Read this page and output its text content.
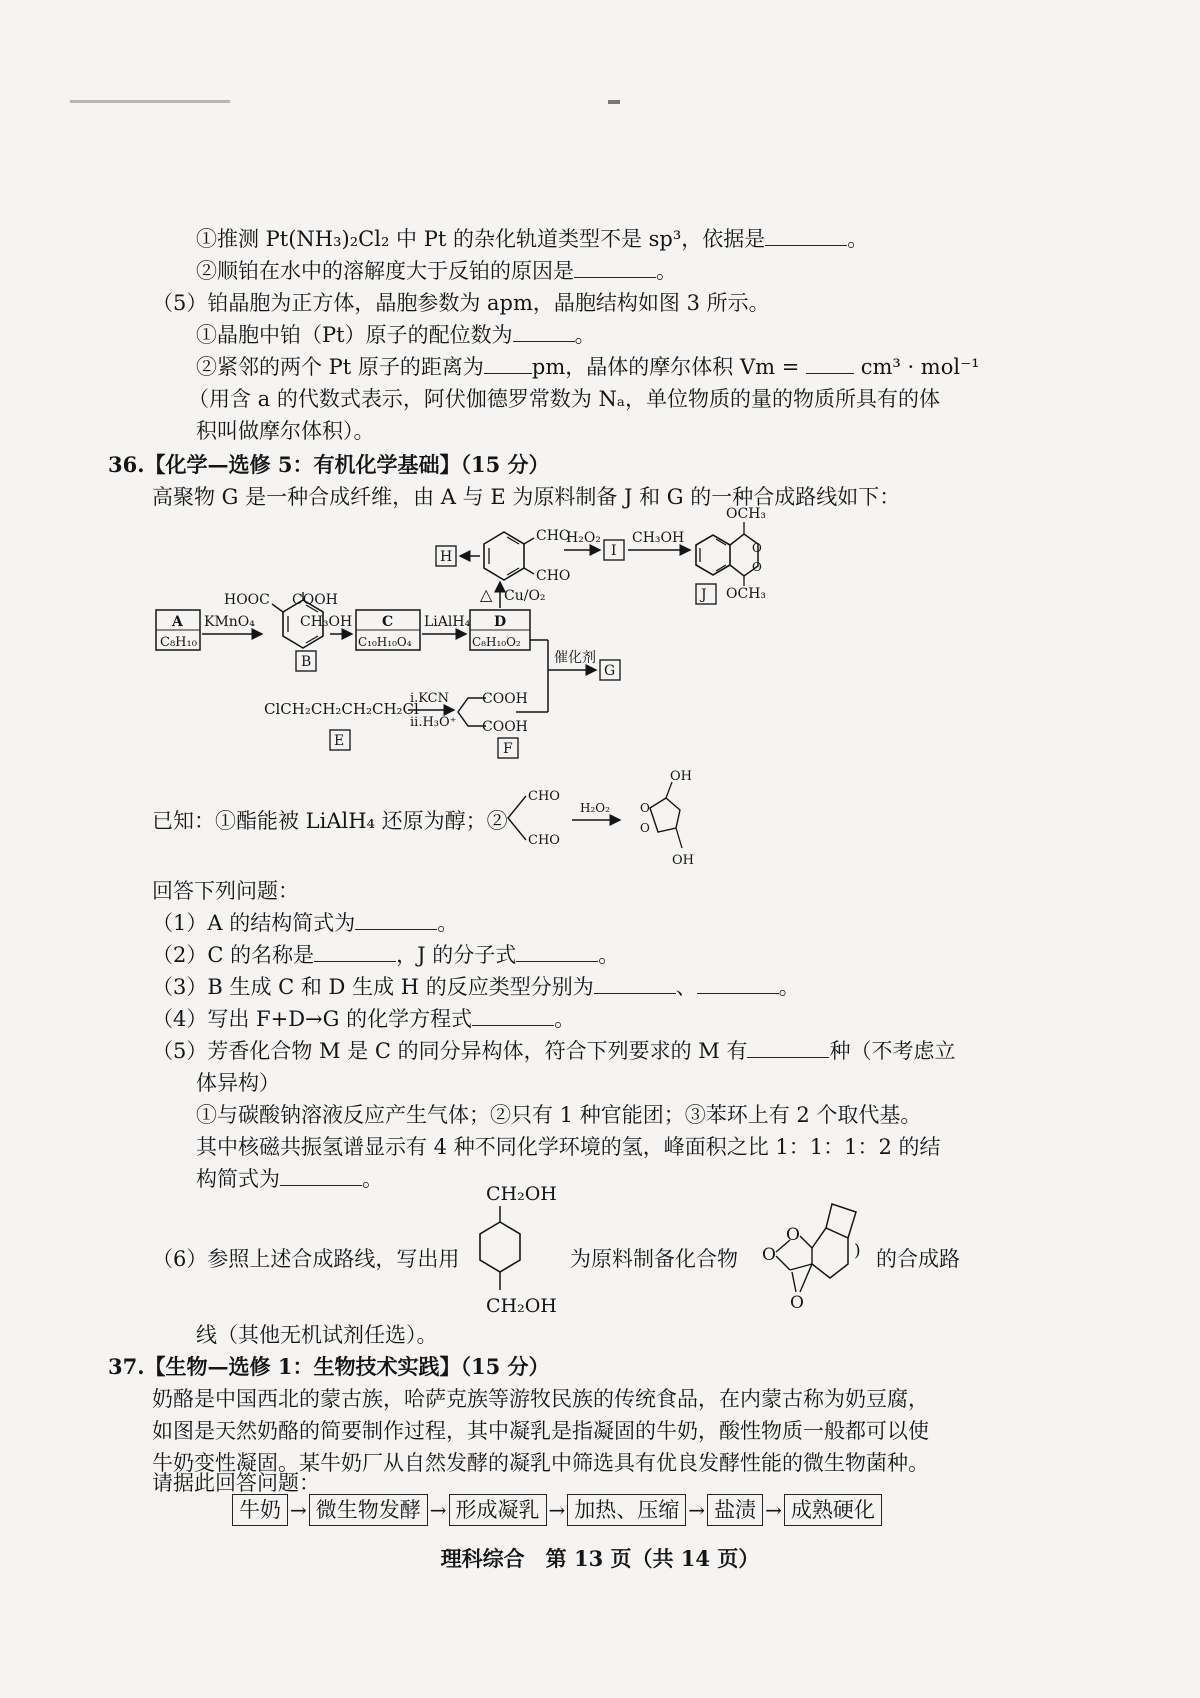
①推测 Pt(NH₃)₂Cl₂ 中 Pt 的杂化轨道类型不是 sp³，依据是	。
②顺铂在水中的溶解度大于反铂的原因是	。
（5）铂晶胞为正方体，晶胞参数为 apm，晶胞结构如图 3 所示。
①晶胞中铂（Pt）原子的配位数为	。
②紧邻的两个 Pt 原子的距离为 pm，晶体的摩尔体积 Vm =	cm³ · mol⁻¹
（用含 a 的代数式表示，阿伏伽德罗常数为 Nₐ，单位物质的量的物质所具有的体
积叫做摩尔体积）。
36.【化学—选修 5：有机化学基础】（15 分）
高聚物 G 是一种合成纤维，由 A 与 E 为原料制备 J 和 G 的一种合成路线如下：
A
C₈H₁₀
KMnO₄
HOOC COOH
B
CH₃OH C
C₁₀H₁₀O₄
LiAlH₄ D
C₈H₁₀O₂
△ Cu/O₂
CHO
CHO
H
H₂O₂
I
CH₃OH
O
O
OCH₃
OCH₃
J
催化剂
G
ClCH₂CH₂CH₂CH₂Cl
E
i.KCN
ii.H₃O⁺
COOH
COOH
F
已知：①酯能被 LiAlH₄ 还原为醇；②
CHO
CHO
H₂O₂	O
O
OH
OH
回答下列问题：
（1）A 的结构简式为	。
（2）C 的名称是	，J 的分子式	。
（3）B 生成 C 和 D 生成 H 的反应类型分别为	、	。
（4）写出 F+D→G 的化学方程式	。
（5）芳香化合物 M 是 C 的同分异构体，符合下列要求的 M 有	种（不考虑立
体异构）
①与碳酸钠溶液反应产生气体；②只有 1 种官能团；③苯环上有 2 个取代基。
其中核磁共振氢谱显示有 4 种不同化学环境的氢，峰面积之比 1：1：1：2 的结
构简式为	。
（6）参照上述合成路线，写出用
CH₂OH
CH₂OH
为原料制备化合物 O
O
O
) 的合成路
线（其他无机试剂任选）。
37.【生物—选修 1：生物技术实践】（15 分）
奶酪是中国西北的蒙古族，哈萨克族等游牧民族的传统食品，在内蒙古称为奶豆腐，
如图是天然奶酪的简要制作过程，其中凝乳是指凝固的牛奶，酸性物质一般都可以使
牛奶变性凝固。某牛奶厂从自然发酵的凝乳中筛选具有优良发酵性能的微生物菌种。
请据此回答问题：
牛奶 → 微生物发酵 → 形成凝乳 → 加热、压缩 → 盐渍 → 成熟硬化
理科综合　第 13 页（共 14 页）
